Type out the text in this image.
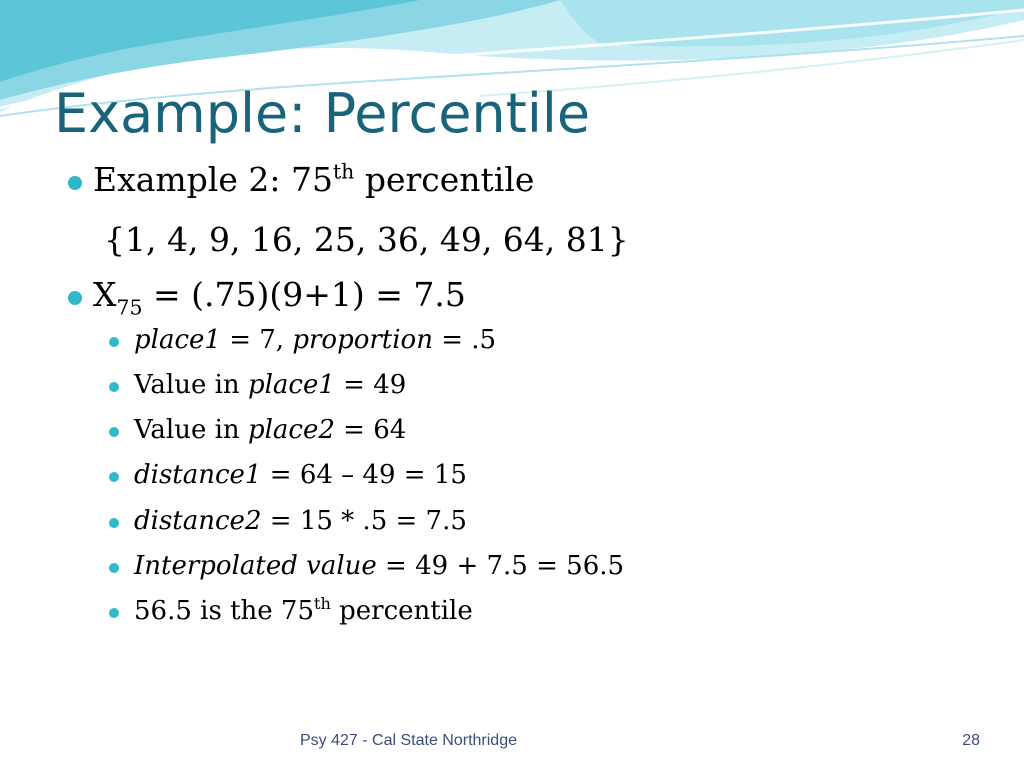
Example: Percentile
Example 2: 75th percentile
{1, 4, 9, 16, 25, 36, 49, 64, 81}
$X_{75} = (.75)(9+1) = 7.5$
place1 = 7, proportion = .5
Value in place1 = 49
Value in place2 = 64
distance1 = 64 – 49 = 15
distance2 = 15 * .5 = 7.5
Interpolated value = 49 + 7.5 = 56.5
56.5 is the 75th percentile
Psy 427 - Cal State Northridge	28
